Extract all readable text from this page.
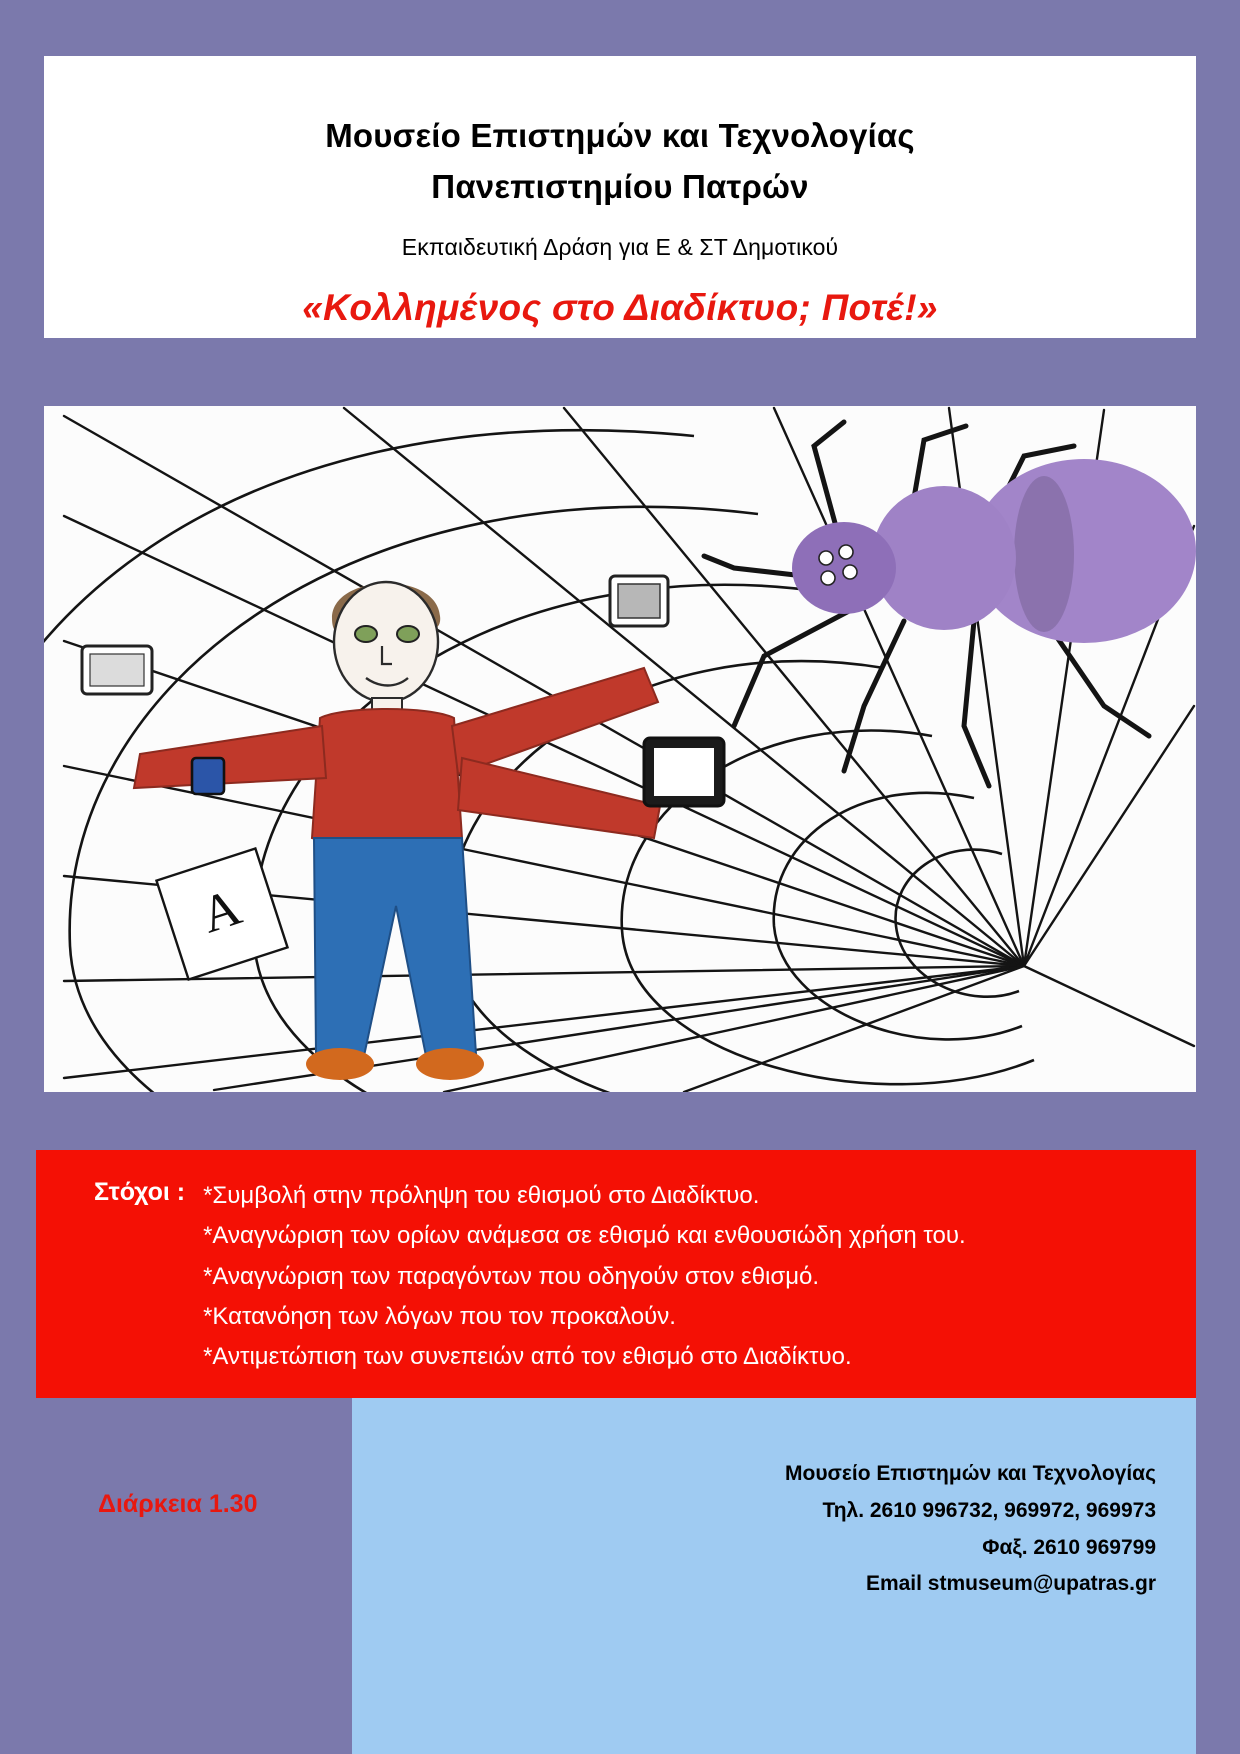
Μουσείο Επιστημών και Τεχνολογίας
Πανεπιστημίου Πατρών
Εκπαιδευτική Δράση για Ε & ΣΤ Δημοτικού
«Κολλημένος στο Διαδίκτυο; Ποτέ!»
A
Στόχοι : *Συμβολή στην πρόληψη του εθισμού στο Διαδίκτυο.
*Αναγνώριση των ορίων ανάμεσα σε εθισμό και ενθουσιώδη χρήση του.
*Αναγνώριση των παραγόντων που οδηγούν στον εθισμό.
*Κατανόηση των λόγων που τον προκαλούν.
*Αντιμετώπιση των συνεπειών από τον εθισμό στο Διαδίκτυο.
Μουσείο Επιστημών και Τεχνολογίας
Τηλ. 2610 996732, 969972, 969973
Φαξ. 2610 969799
Email stmuseum@upatras.gr
Διάρκεια 1.30
